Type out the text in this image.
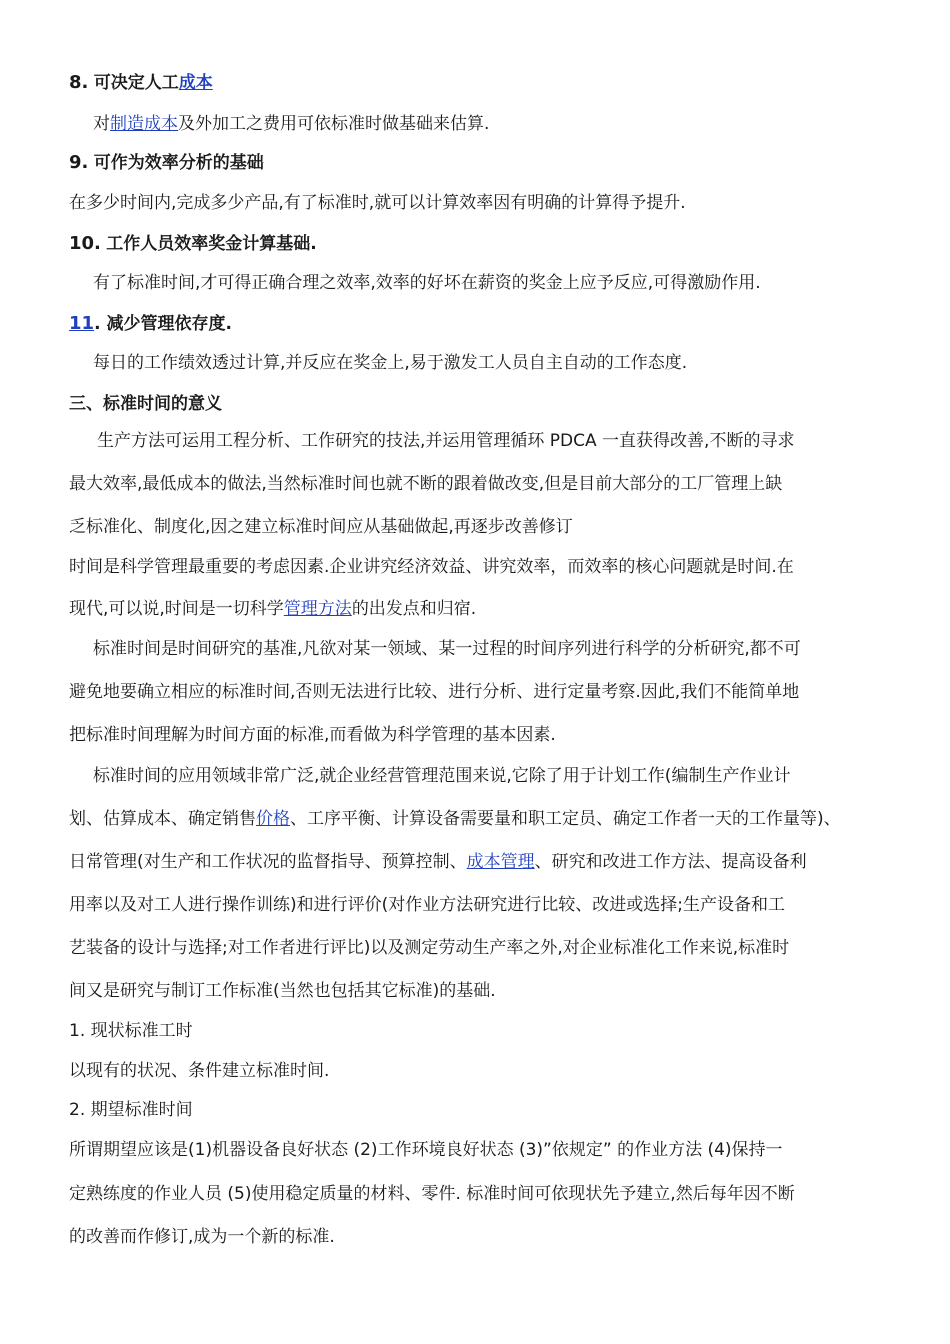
8. 可决定人工成本
对制造成本及外加工之费用可依标准时做基础来估算.
9. 可作为效率分析的基础
在多少时间内,完成多少产品,有了标准时,就可以计算效率因有明确的计算得予提升.
10. 工作人员效率奖金计算基础.
有了标准时间,才可得正确合理之效率,效率的好坏在薪资的奖金上应予反应,可得激励作用.
11. 减少管理依存度.
每日的工作绩效透过计算,并反应在奖金上,易于激发工人员自主自动的工作态度.
三、标准时间的意义
生产方法可运用工程分析、工作研究的技法,并运用管理循环 PDCA 一直获得改善,不断的寻求
最大效率,最低成本的做法,当然标准时间也就不断的跟着做改变,但是目前大部分的工厂管理上缺
乏标准化、制度化,因之建立标准时间应从基础做起,再逐步改善修订
时间是科学管理最重要的考虑因素.企业讲究经济效益、讲究效率，而效率的核心问题就是时间.在
现代,可以说,时间是一切科学管理方法的出发点和归宿.
标准时间是时间研究的基准,凡欲对某一领域、某一过程的时间序列进行科学的分析研究,都不可
避免地要确立相应的标准时间,否则无法进行比较、进行分析、进行定量考察.因此,我们不能简单地
把标准时间理解为时间方面的标准,而看做为科学管理的基本因素.
标准时间的应用领域非常广泛,就企业经营管理范围来说,它除了用于计划工作(编制生产作业计
划、估算成本、确定销售价格、工序平衡、计算设备需要量和职工定员、确定工作者一天的工作量等)、
日常管理(对生产和工作状况的监督指导、预算控制、成本管理、研究和改进工作方法、提高设备利
用率以及对工人进行操作训练)和进行评价(对作业方法研究进行比较、改进或选择;生产设备和工
艺装备的设计与选择;对工作者进行评比)以及测定劳动生产率之外,对企业标准化工作来说,标准时
间又是研究与制订工作标准(当然也包括其它标准)的基础.
1. 现状标准工时
以现有的状况、条件建立标准时间.
2. 期望标准时间
所谓期望应该是(1)机器设备良好状态 (2)工作环境良好状态 (3)”依规定” 的作业方法 (4)保持一
定熟练度的作业人员 (5)使用稳定质量的材料、零件. 标准时间可依现状先予建立,然后每年因不断
的改善而作修订,成为一个新的标准.
